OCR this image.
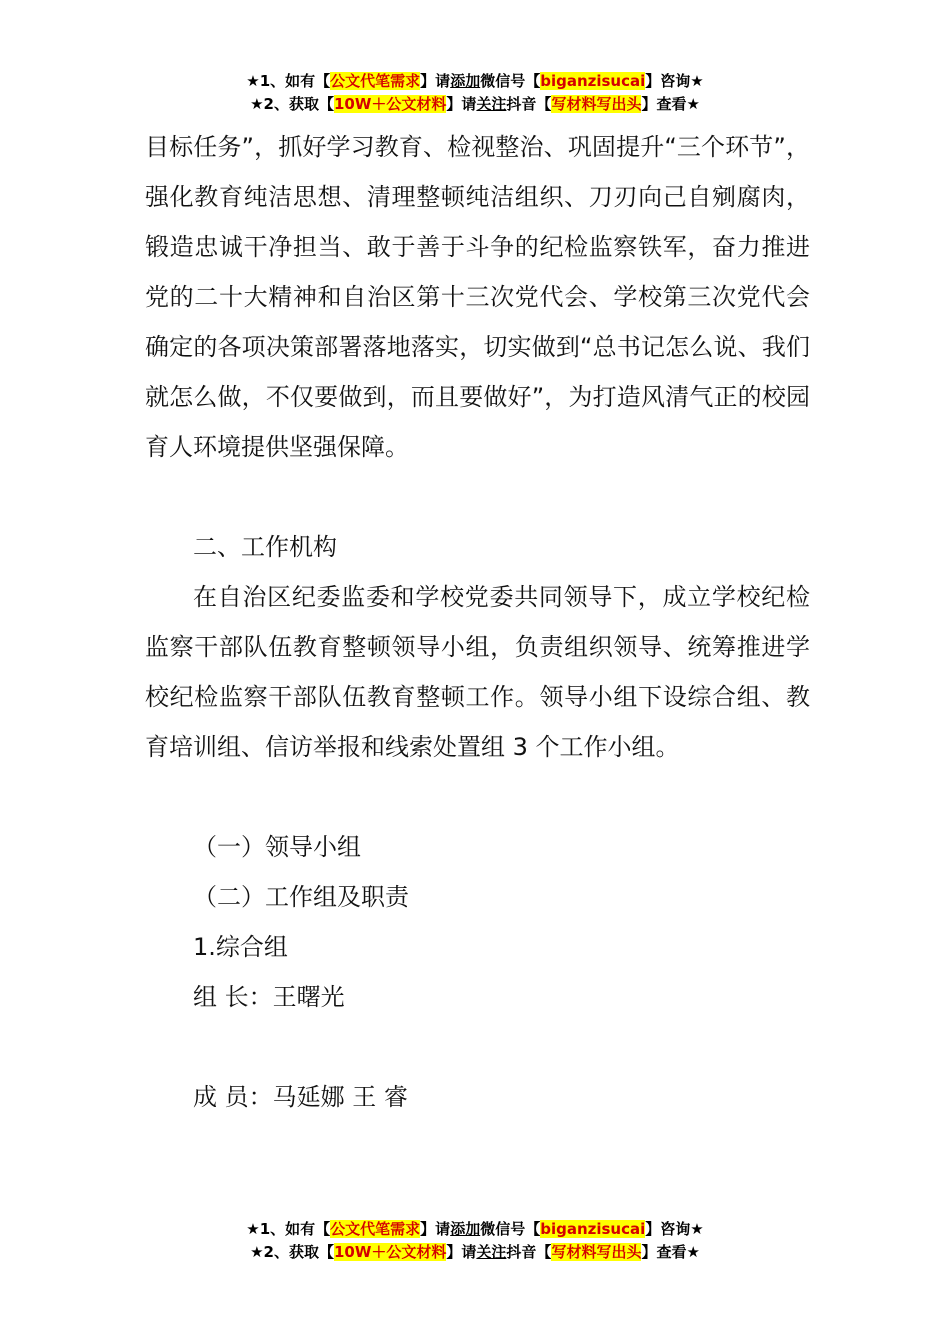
★1、如有【公文代笔需求】请添加微信号【biganzisucai】咨询★
★2、获取【10W＋公文材料】请关注抖音【写材料写出头】查看★

目标任务”，抓好学习教育、检视整治、巩固提升“三个环节”，强化教育纯洁思想、清理整顿纯洁组织、刀刃向己自剜腐肉，锻造忠诚干净担当、敢于善于斗争的纪检监察铁军，奋力推进党的二十大精神和自治区第十三次党代会、学校第三次党代会确定的各项决策部署落地落实，切实做到“总书记怎么说、我们就怎么做，不仅要做到，而且要做好”，为打造风清气正的校园育人环境提供坚强保障。

二、工作机构

在自治区纪委监委和学校党委共同领导下，成立学校纪检监察干部队伍教育整顿领导小组，负责组织领导、统筹推进学校纪检监察干部队伍教育整顿工作。领导小组下设综合组、教育培训组、信访举报和线索处置组 3 个工作小组。

（一）领导小组

（二）工作组及职责

1.综合组

组 长：王曙光

成 员：马延娜 王 睿

★1、如有【公文代笔需求】请添加微信号【biganzisucai】咨询★
★2、获取【10W＋公文材料】请关注抖音【写材料写出头】查看★
